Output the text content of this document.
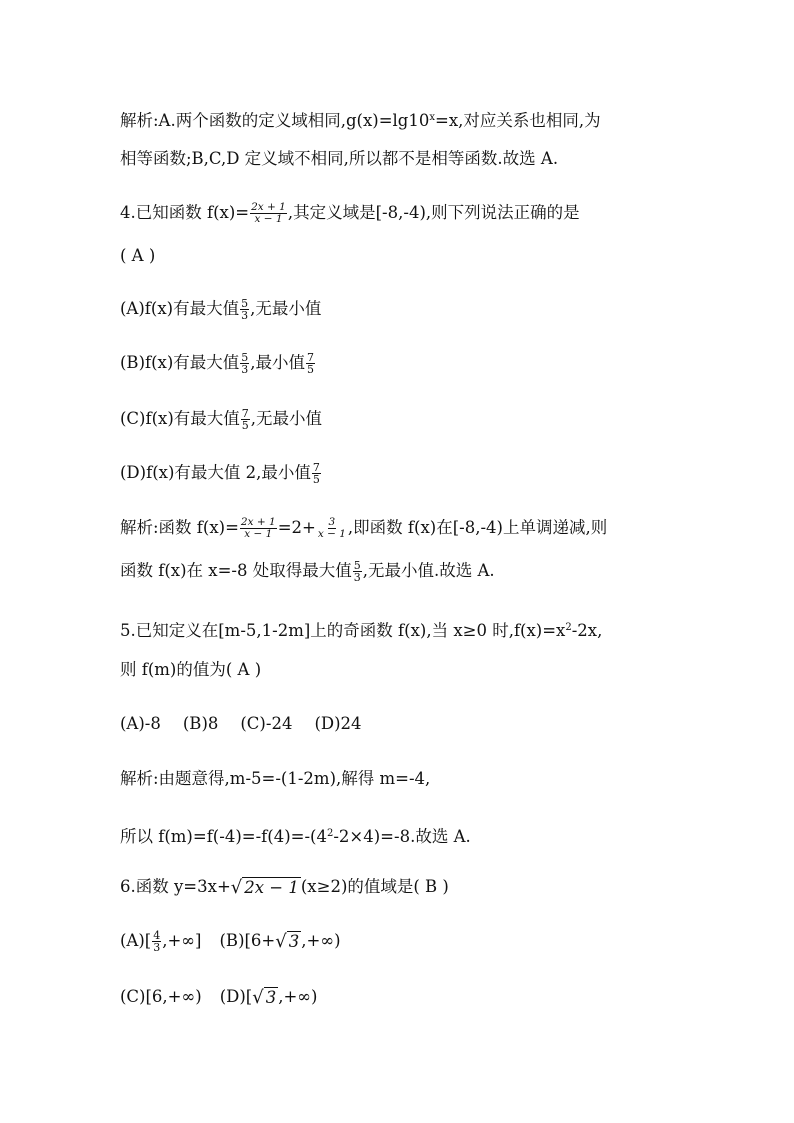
解析:A.两个函数的定义域相同$,g(x)=\lg 10^x=x$,对应关系也相同,为
相等函数;B,C,D 定义域不相同,所以都不是相等函数.故选 A.
4.已知函数 $f(x)= \frac{2x + 1}{x - 1}$ ,其定义域是[-8,-4),则下列说法正确的是
( A )
(A)f(x)有最大值 $\frac{5}{3}$ ,无最小值
(B)f(x)有最大值 $\frac{5}{3}$ ,最小值 $\frac{7}{5}$
(C)f(x)有最大值 $\frac{7}{5}$ ,无最小值
(D)f(x)有最大值 2,最小值 $\frac{7}{5}$
解析:函数 $f(x)= \frac{2x + 1}{x - 1} =2+ \frac{3}{x - 1}$ ,即函数 f(x)在[-8,-4)上单调递减,则
函数 f(x)在 x=-8 处取得最大值 $\frac{5}{3}$ ,无最小值.故选 A.
5.已知定义在[m-5,1-2m]上的奇函数 f(x),当 x≥0 时$,f(x)=x^2-2x$,
则 f(m)的值为( A )
(A)-8 (B)8 (C)-24 (D)24
解析:由题意得,m-5=-(1-2m),解得 m=-4,
所以 $f(m)=f(-4)=-f(4)=-(4^2-2\times 4)=-8$.故选 A.
6.函数 y=3x+ √ 2x − 1 (x≥2)的值域是( B )
$(A)[ \frac{4}{3}$ ,+∞] (B)[6+ √ 3 ,+∞)
(C)[6,+∞) (D)[ √ 3 ,+∞)
